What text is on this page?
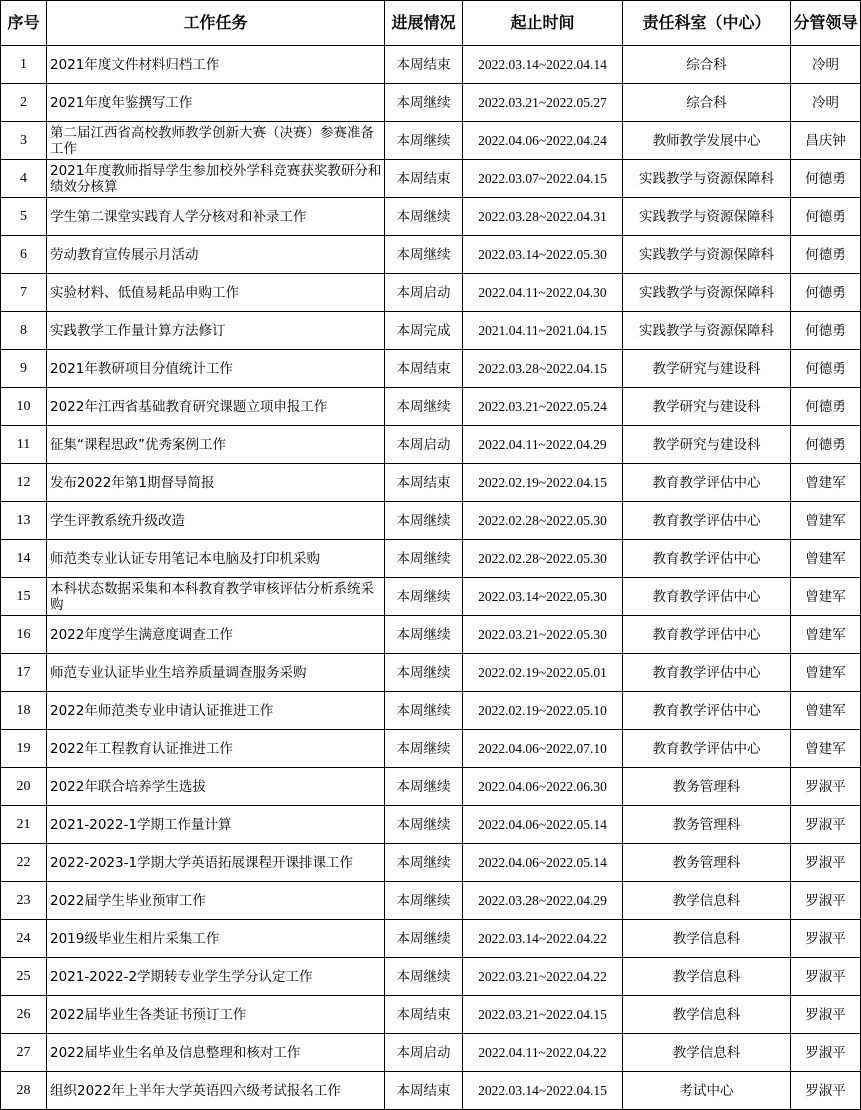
序号	工作任务	进展情况	起止时间	责任科室（中心）	分管领导
1	2021年度文件材料归档工作	本周结束	2022.03.14~2022.04.14	综合科	冷明
2	2021年度年鉴撰写工作	本周继续	2022.03.21~2022.05.27	综合科	冷明
3	第二届江西省高校教师教学创新大赛（决赛）参赛准备工作	本周继续	2022.04.06~2022.04.24	教师教学发展中心	昌庆钟
4	2021年度教师指导学生参加校外学科竞赛获奖教研分和绩效分核算	本周结束	2022.03.07~2022.04.15	实践教学与资源保障科	何德勇
5	学生第二课堂实践育人学分核对和补录工作	本周继续	2022.03.28~2022.04.31	实践教学与资源保障科	何德勇
6	劳动教育宣传展示月活动	本周继续	2022.03.14~2022.05.30	实践教学与资源保障科	何德勇
7	实验材料、低值易耗品申购工作	本周启动	2022.04.11~2022.04.30	实践教学与资源保障科	何德勇
8	实践教学工作量计算方法修订	本周完成	2021.04.11~2021.04.15	实践教学与资源保障科	何德勇
9	2021年教研项目分值统计工作	本周结束	2022.03.28~2022.04.15	教学研究与建设科	何德勇
10	2022年江西省基础教育研究课题立项申报工作	本周继续	2022.03.21~2022.05.24	教学研究与建设科	何德勇
11	征集“课程思政”优秀案例工作	本周启动	2022.04.11~2022.04.29	教学研究与建设科	何德勇
12	发布2022年第1期督导简报	本周结束	2022.02.19~2022.04.15	教育教学评估中心	曾建军
13	学生评教系统升级改造	本周继续	2022.02.28~2022.05.30	教育教学评估中心	曾建军
14	师范类专业认证专用笔记本电脑及打印机采购	本周继续	2022.02.28~2022.05.30	教育教学评估中心	曾建军
15	本科状态数据采集和本科教育教学审核评估分析系统采购	本周继续	2022.03.14~2022.05.30	教育教学评估中心	曾建军
16	2022年度学生满意度调查工作	本周继续	2022.03.21~2022.05.30	教育教学评估中心	曾建军
17	师范专业认证毕业生培养质量调查服务采购	本周继续	2022.02.19~2022.05.01	教育教学评估中心	曾建军
18	2022年师范类专业申请认证推进工作	本周继续	2022.02.19~2022.05.10	教育教学评估中心	曾建军
19	2022年工程教育认证推进工作	本周继续	2022.04.06~2022.07.10	教育教学评估中心	曾建军
20	2022年联合培养学生选拔	本周继续	2022.04.06~2022.06.30	教务管理科	罗淑平
21	2021-2022-1学期工作量计算	本周继续	2022.04.06~2022.05.14	教务管理科	罗淑平
22	2022-2023-1学期大学英语拓展课程开课排课工作	本周继续	2022.04.06~2022.05.14	教务管理科	罗淑平
23	2022届学生毕业预审工作	本周继续	2022.03.28~2022.04.29	教学信息科	罗淑平
24	2019级毕业生相片采集工作	本周继续	2022.03.14~2022.04.22	教学信息科	罗淑平
25	2021-2022-2学期转专业学生学分认定工作	本周继续	2022.03.21~2022.04.22	教学信息科	罗淑平
26	2022届毕业生各类证书预订工作	本周结束	2022.03.21~2022.04.15	教学信息科	罗淑平
27	2022届毕业生名单及信息整理和核对工作	本周启动	2022.04.11~2022.04.22	教学信息科	罗淑平
28	组织2022年上半年大学英语四六级考试报名工作	本周结束	2022.03.14~2022.04.15	考试中心	罗淑平
